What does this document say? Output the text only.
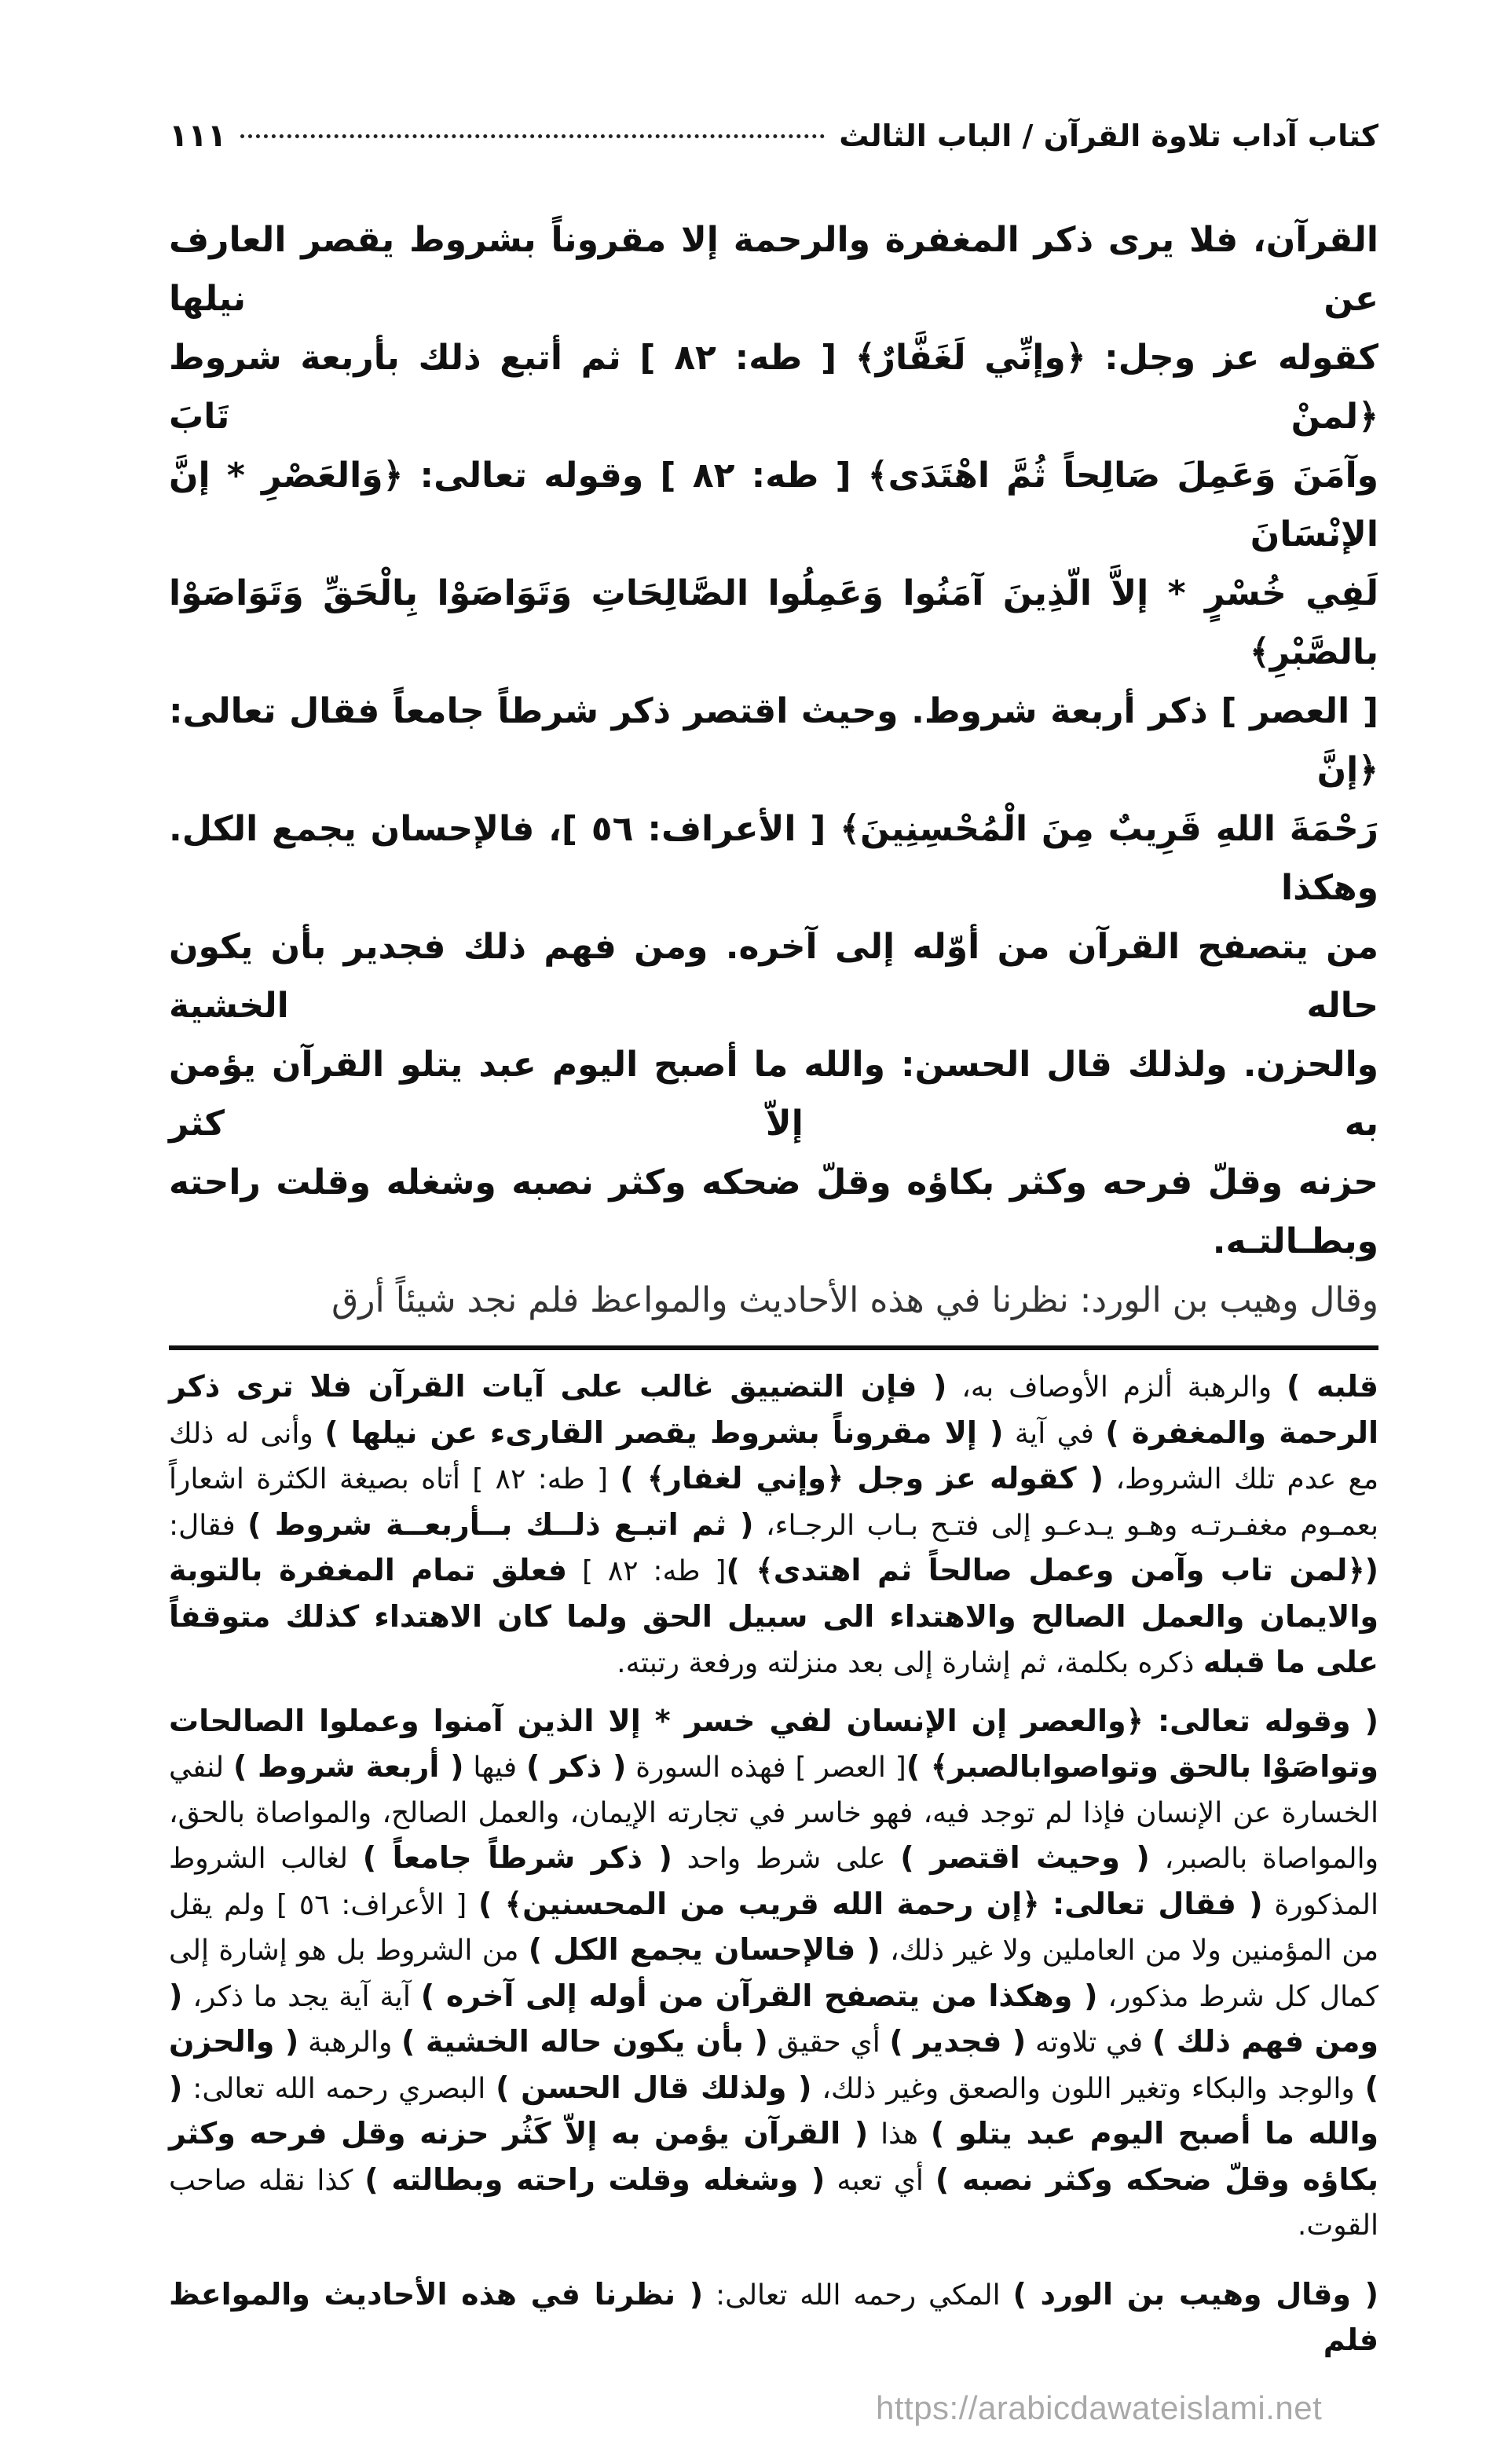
كتاب آداب تلاوة القرآن / الباب الثالث
١١١

القرآن، فلا يرى ذكر المغفرة والرحمة إلا مقروناً بشروط يقصر العارف عن نيلها

كقوله عز وجل: ﴿وإنِّي لَغَفَّارٌ﴾ [ طه: ٨٢ ] ثم أتبع ذلك بأربعة شروط ﴿لمنْ تَابَ

وآمَنَ وَعَمِلَ صَالِحاً ثُمَّ اهْتَدَى﴾ [ طه: ٨٢ ] وقوله تعالى: ﴿وَالعَصْرِ * إنَّ الإنْسَانَ

لَفِي خُسْرٍ * إلاَّ الّذِينَ آمَنُوا وَعَمِلُوا الصَّالِحَاتِ وَتَوَاصَوْا بِالْحَقِّ وَتَوَاصَوْا بالصَّبْرِ﴾

[ العصر ] ذكر أربعة شروط. وحيث اقتصر ذكر شرطاً جامعاً فقال تعالى: ﴿إنَّ

رَحْمَةَ اللهِ قَرِيبٌ مِنَ الْمُحْسِنِينَ﴾ [ الأعراف: ٥٦ ]، فالإحسان يجمع الكل. وهكذا

من يتصفح القرآن من أوّله إلى آخره. ومن فهم ذلك فجدير بأن يكون حاله الخشية

والحزن. ولذلك قال الحسن: والله ما أصبح اليوم عبد يتلو القرآن يؤمن به إلاّ كثر

حزنه وقلّ فرحه وكثر بكاؤه وقلّ ضحكه وكثر نصبه وشغله وقلت راحته وبطـالتـه.

وقال وهيب بن الورد: نظرنا في هذه الأحاديث والمواعظ فلم نجد شيئاً أرق

قلبه ) والرهبة ألزم الأوصاف به، ( فإن التضييق غالب على آيات القرآن فلا ترى ذكر الرحمة والمغفرة ) في آية ( إلا مقروناً بشروط يقصر القارىء عن نيلها ) وأنى له ذلك مع عدم تلك الشروط، ( كقوله عز وجل ﴿وإني لغفار﴾ ) [ طه: ٨٢ ] أتاه بصيغة الكثرة اشعاراً بعمـوم مغفـرتـه وهـو يـدعـو إلى فتـح بـاب الرجـاء، ( ثم اتبـع ذلــك بــأربعــة شروط ) فقال: (﴿لمن تاب وآمن وعمل صالحاً ثم اهتدى﴾ )[ طه: ٨٢ ] فعلق تمام المغفرة بالتوبة والايمان والعمل الصالح والاهتداء الى سبيل الحق ولما كان الاهتداء كذلك متوقفاً على ما قبله ذكره بكلمة، ثم إشارة إلى بعد منزلته ورفعة رتبته.

( وقوله تعالى: ﴿والعصر إن الإنسان لفي خسر * إلا الذين آمنوا وعملوا الصالحات وتواصَوْا بالحق وتواصوابالصبر﴾ )[ العصر ] فهذه السورة ( ذكر ) فيها ( أربعة شروط ) لنفي الخسارة عن الإنسان فإذا لم توجد فيه، فهو خاسر في تجارته الإيمان، والعمل الصالح، والمواصاة بالحق، والمواصاة بالصبر، ( وحيث اقتصر ) على شرط واحد ( ذكر شرطاً جامعاً ) لغالب الشروط المذكورة ( فقال تعالى: ﴿إن رحمة الله قريب من المحسنين﴾ ) [ الأعراف: ٥٦ ] ولم يقل من المؤمنين ولا من العاملين ولا غير ذلك، ( فالإحسان يجمع الكل ) من الشروط بل هو إشارة إلى كمال كل شرط مذكور، ( وهكذا من يتصفح القرآن من أوله إلى آخره ) آية آية يجد ما ذكر، ( ومن فهم ذلك ) في تلاوته ( فجدير ) أي حقيق ( بأن يكون حاله الخشية ) والرهبة ( والحزن ) والوجد والبكاء وتغير اللون والصعق وغير ذلك، ( ولذلك قال الحسن ) البصري رحمه الله تعالى: ( والله ما أصبح اليوم عبد يتلو ) هذا ( القرآن يؤمن به إلاّ كَثُر حزنه وقل فرحه وكثر بكاؤه وقلّ ضحكه وكثر نصبه ) أي تعبه ( وشغله وقلت راحته وبطالته ) كذا نقله صاحب القوت.

( وقال وهيب بن الورد ) المكي رحمه الله تعالى: ( نظرنا في هذه الأحاديث والمواعظ فلم

https://arabicdawateislami.net
